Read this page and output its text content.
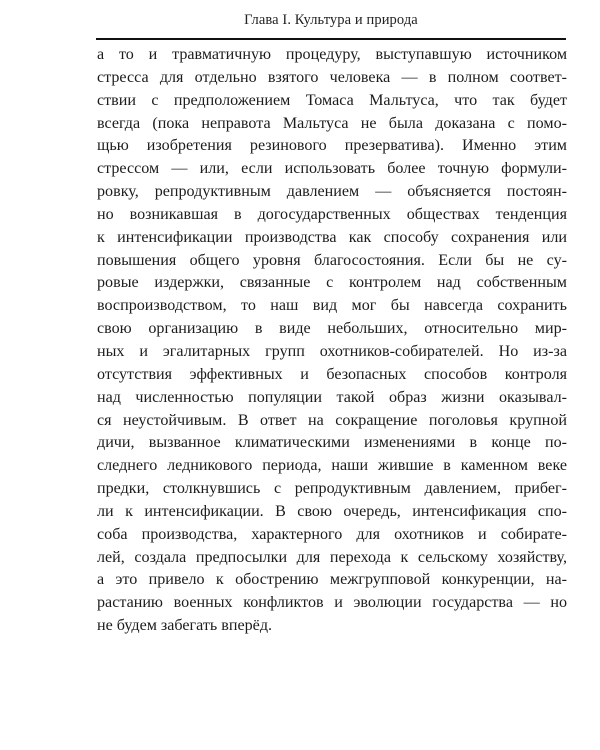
Глава I. Культура и природа
а то и травматичную процедуру, выступавшую источником
стресса для отдельно взятого человека — в полном соответ-
ствии с предположением Томаса Мальтуса, что так будет
всегда (пока неправота Мальтуса не была доказана с помо-
щью изобретения резинового презерватива). Именно этим
стрессом — или, если использовать более точную формули-
ровку, репродуктивным давлением — объясняется постоян-
но возникавшая в догосударственных обществах тенденция
к интенсификации производства как способу сохранения или
повышения общего уровня благосостояния. Если бы не су-
ровые издержки, связанные с контролем над собственным
воспроизводством, то наш вид мог бы навсегда сохранить
свою организацию в виде небольших, относительно мир-
ных и эгалитарных групп охотников-собирателей. Но из-за
отсутствия эффективных и безопасных способов контроля
над численностью популяции такой образ жизни оказывал-
ся неустойчивым. В ответ на сокращение поголовья крупной
дичи, вызванное климатическими изменениями в конце по-
следнего ледникового периода, наши жившие в каменном веке
предки, столкнувшись с репродуктивным давлением, прибег-
ли к интенсификации. В свою очередь, интенсификация спо-
соба производства, характерного для охотников и собирате-
лей, создала предпосылки для перехода к сельскому хозяйству,
а это привело к обострению межгрупповой конкуренции, на-
растанию военных конфликтов и эволюции государства — но
не будем забегать вперёд.
